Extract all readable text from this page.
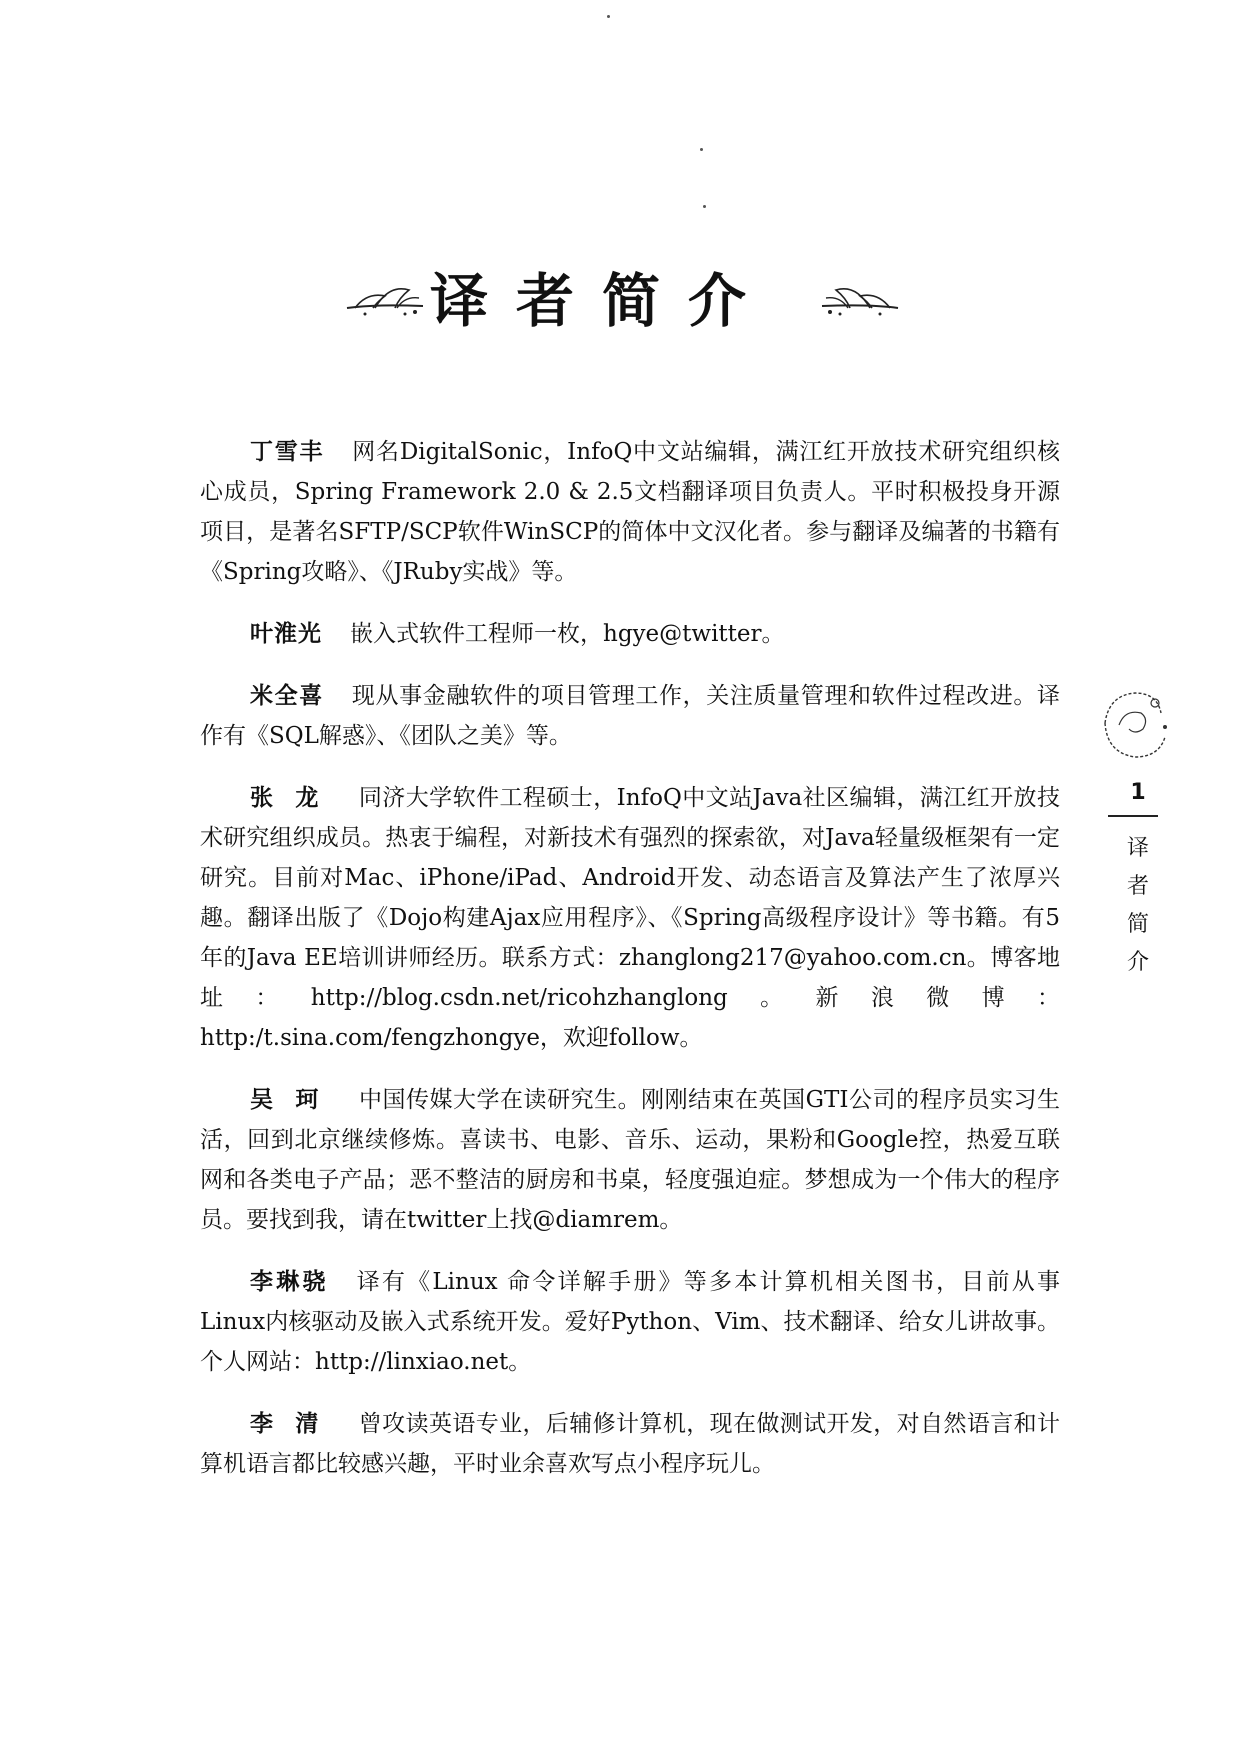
译者简介

丁雪丰 网名DigitalSonic，InfoQ中文站编辑，满江红开放技术研究组织核心成员，Spring Framework 2.0 & 2.5文档翻译项目负责人。平时积极投身开源项目，是著名SFTP/SCP软件WinSCP的简体中文汉化者。参与翻译及编著的书籍有《Spring攻略》、《JRuby实战》等。

叶淮光 嵌入式软件工程师一枚，hgye@twitter。

米全喜 现从事金融软件的项目管理工作，关注质量管理和软件过程改进。译作有《SQL解惑》、《团队之美》等。

张龙 同济大学软件工程硕士，InfoQ中文站Java社区编辑，满江红开放技术研究组织成员。热衷于编程，对新技术有强烈的探索欲，对Java轻量级框架有一定研究。目前对Mac、iPhone/iPad、Android开发、动态语言及算法产生了浓厚兴趣。翻译出版了《Dojo构建Ajax应用程序》、《Spring高级程序设计》等书籍。有5年的Java EE培训讲师经历。联系方式：zhanglong217@yahoo.com.cn。博客地址：http://blog.csdn.net/ricohzhanglong。新浪微博：http:/t.sina.com/fengzhongye，欢迎follow。

吴珂 中国传媒大学在读研究生。刚刚结束在英国GTI公司的程序员实习生活，回到北京继续修炼。喜读书、电影、音乐、运动，果粉和Google控，热爱互联网和各类电子产品；恶不整洁的厨房和书桌，轻度强迫症。梦想成为一个伟大的程序员。要找到我，请在twitter上找@diamrem。

李琳骁 译有《Linux 命令详解手册》等多本计算机相关图书，目前从事Linux内核驱动及嵌入式系统开发。爱好Python、Vim、技术翻译、给女儿讲故事。个人网站：http://linxiao.net。

李清 曾攻读英语专业，后辅修计算机，现在做测试开发，对自然语言和计算机语言都比较感兴趣，平时业余喜欢写点小程序玩儿。

1
译者简介
